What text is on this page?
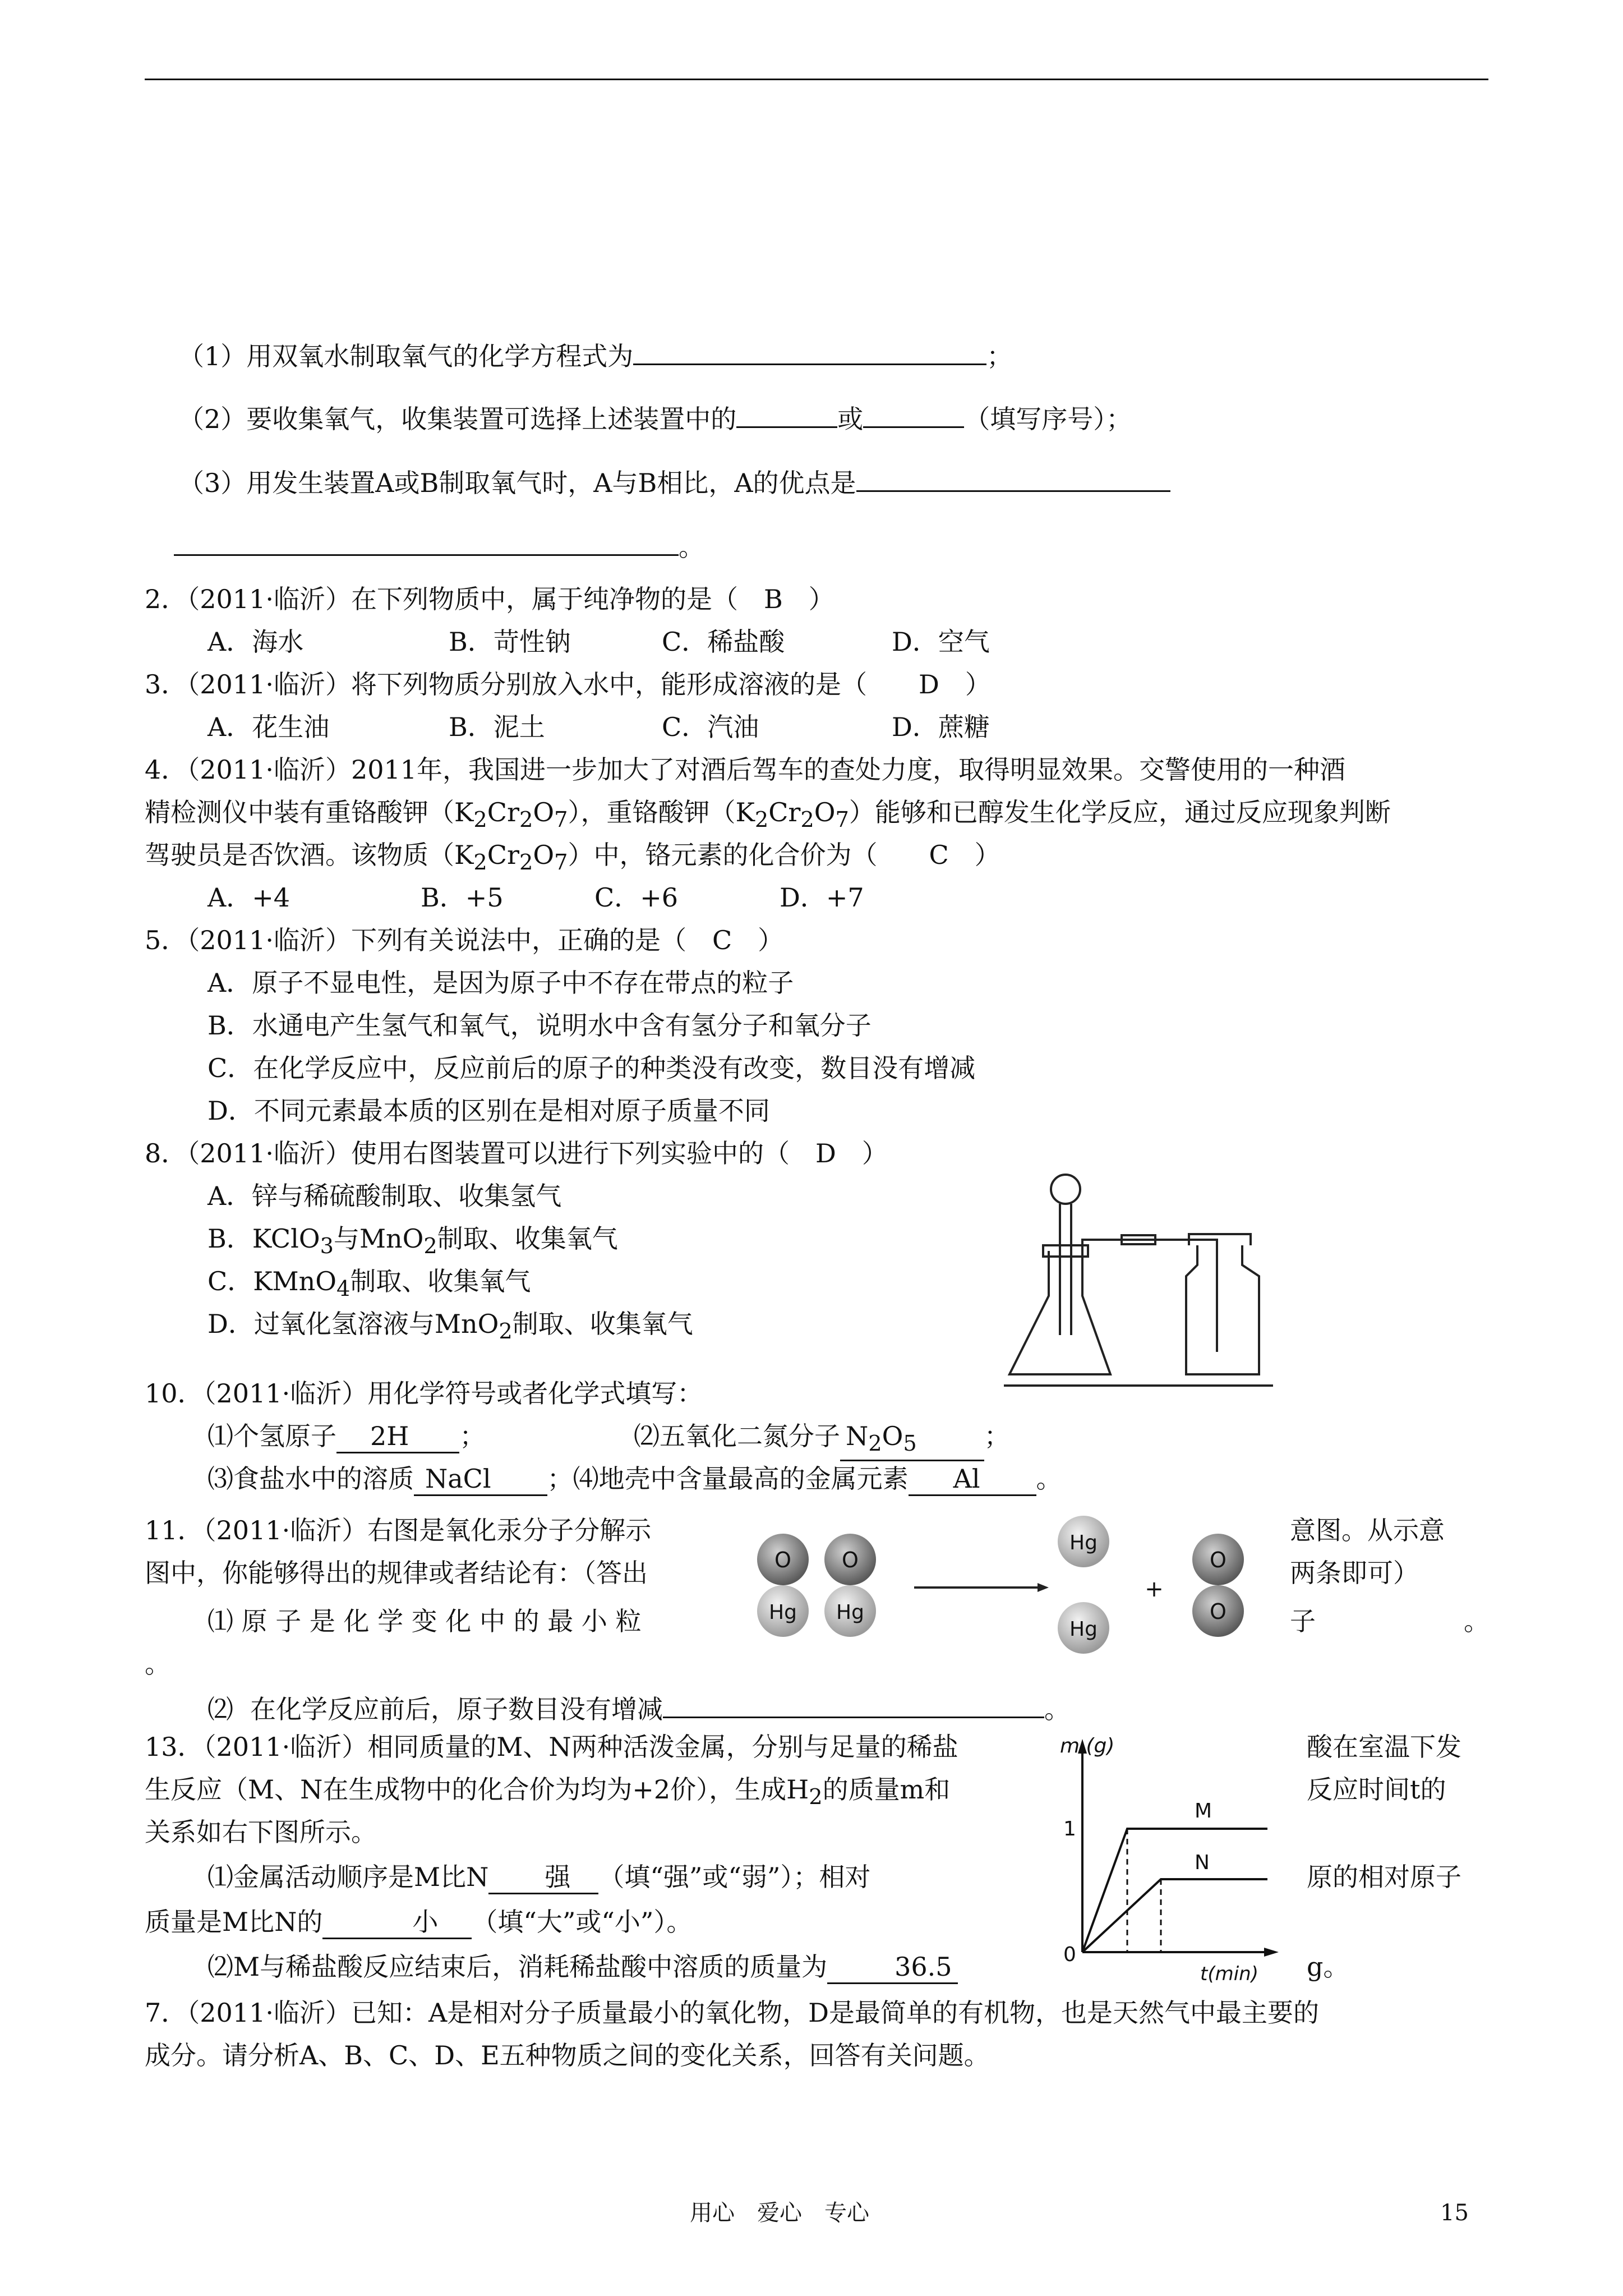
（1）用双氧水制取氧气的化学方程式为	；
（2）要收集氧气，收集装置可选择上述装置中的	或	（填写序号）；
（3）用发生装置A或B制取氧气时，A与B相比，A的优点是
。
2．（2011·临沂）在下列物质中，属于纯净物的是（　B　）
A．海水	B．苛性钠	C．稀盐酸	D．空气
3．（2011·临沂）将下列物质分别放入水中，能形成溶液的是（　　D　）
A．花生油	B．泥土	C．汽油	D．蔗糖
4．（2011·临沂）2011年，我国进一步加大了对酒后驾车的查处力度，取得明显效果。交警使用的一种酒
精检测仪中装有重铬酸钾$(K_2Cr_2O_7)$，重铬酸钾$(K_2Cr_2O_7)$能够和已醇发生化学反应，通过反应现象判断
驾驶员是否饮酒。该物质$(K_2Cr_2O_7)$中，铬元素的化合价为（　　C　）
A．+4	B．+5	C．+6	D．+7
5．（2011·临沂）下列有关说法中，正确的是（　C　）
A．原子不显电性，是因为原子中不存在带点的粒子
B．水通电产生氢气和氧气，说明水中含有氢分子和氧分子
C．在化学反应中，反应前后的原子的种类没有改变，数目没有增减
D．不同元素最本质的区别在是相对原子质量不同
8．（2011·临沂）使用右图装置可以进行下列实验中的（　D　）
A．锌与稀硫酸制取、收集氢气
B．KClO$_3$与MnO$_2$制取、收集氧气
C．KMnO$_4$制取、收集氧气
D．过氧化氢溶液与MnO$_2$制取、收集氧气
10．（2011·临沂）用化学符号或者化学式填写：
⑴个氢原子 2H ；	⑵五氧化二氮分子 $N_2O_5$	；
⑶食盐水中的溶质 NaCl ；⑷地壳中含量最高的金属元素 Al 。
11．（2011·临沂）右图是氧化汞分子分解示	意图。从示意
图中，你能够得出的规律或者结论有：（答出	两条即可）
⑴ 原 子 是 化 学 变 化 中 的 最 小 粒	子	。
。
⑵ 在化学反应前后，原子数目没有增减	。
O
Hg
O
Hg
Hg
Hg
+
O
O
13．（2011·临沂）相同质量的M、N两种活泼金属，分别与足量的稀盐	酸在室温下发
生反应（M、N在生成物中的化合价为均为+2价），生成$H_2$的质量m和	反应时间t的
关系如右下图所示。
⑴金属活动顺序是M比N 强 （填“强”或“弱”）；相对	原的相对原子
质量是M比N的	小 （填“大”或“小”）。
⑵M与稀盐酸反应结束后，消耗稀盐酸中溶质的质量为	36.5	g。
m (g)
t(min)
1
0
M
N
7．（2011·临沂）已知：A是相对分子质量最小的氧化物，D是最简单的有机物，也是天然气中最主要的
成分。请分析A、B、C、D、E五种物质之间的变化关系，回答有关问题。
用心　爱心　专心	15
